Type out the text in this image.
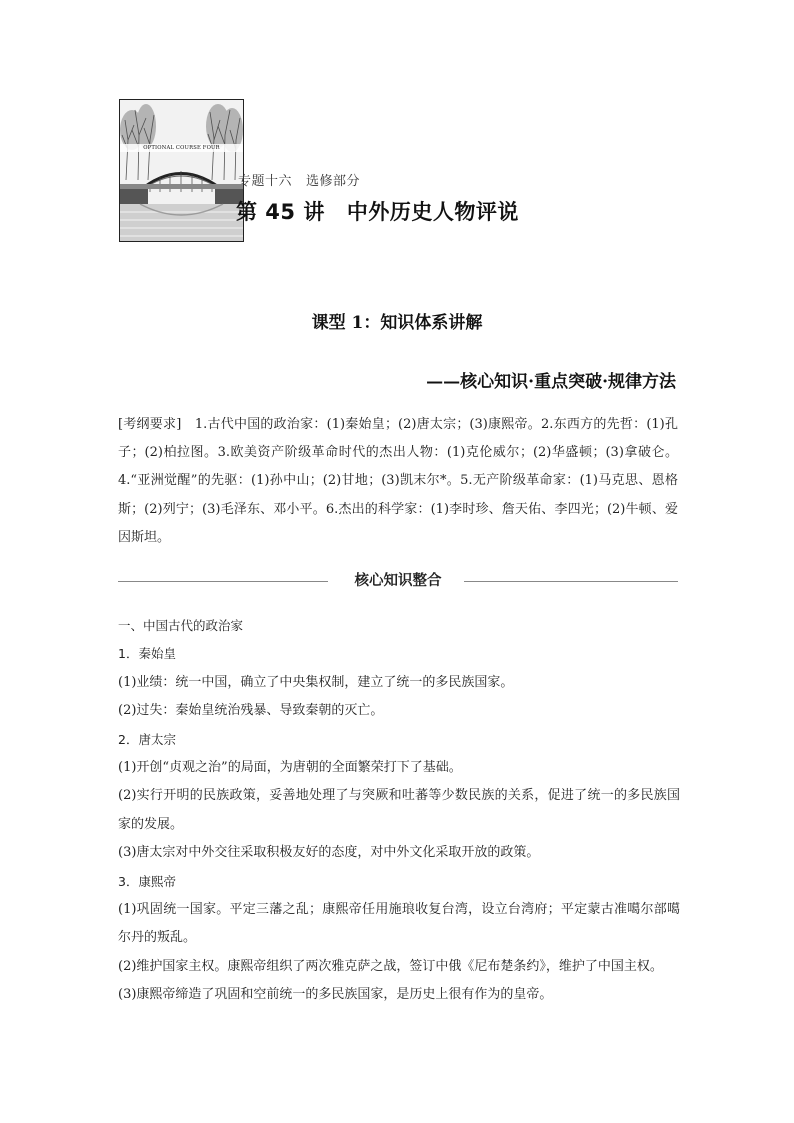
OPTIONAL COURSE FOUR
专题十六 选修部分
第 45 讲 中外历史人物评说
课型 1：知识体系讲解
——核心知识·重点突破·规律方法
[考纲要求]　1.古代中国的政治家：(1)秦始皇；(2)唐太宗；(3)康熙帝。2.东西方的先哲：(1)孔子；(2)柏拉图。3.欧美资产阶级革命时代的杰出人物：(1)克伦威尔；(2)华盛顿；(3)拿破仑。4.“亚洲觉醒”的先驱：(1)孙中山；(2)甘地；(3)凯末尔*。5.无产阶级革命家：(1)马克思、恩格斯；(2)列宁；(3)毛泽东、邓小平。6.杰出的科学家：(1)李时珍、詹天佑、李四光；(2)牛顿、爱因斯坦。
核心知识整合

一、中国古代的政治家

1．秦始皇

(1)业绩：统一中国，确立了中央集权制，建立了统一的多民族国家。

(2)过失：秦始皇统治残暴、导致秦朝的灭亡。

2．唐太宗

(1)开创“贞观之治”的局面，为唐朝的全面繁荣打下了基础。

(2)实行开明的民族政策，妥善地处理了与突厥和吐蕃等少数民族的关系，促进了统一的多民族国家的发展。

(3)唐太宗对中外交往采取积极友好的态度，对中外文化采取开放的政策。

3．康熙帝

(1)巩固统一国家。平定三藩之乱；康熙帝任用施琅收复台湾，设立台湾府；平定蒙古准噶尔部噶尔丹的叛乱。

(2)维护国家主权。康熙帝组织了两次雅克萨之战，签订中俄《尼布楚条约》，维护了中国主权。

(3)康熙帝缔造了巩固和空前统一的多民族国家，是历史上很有作为的皇帝。
